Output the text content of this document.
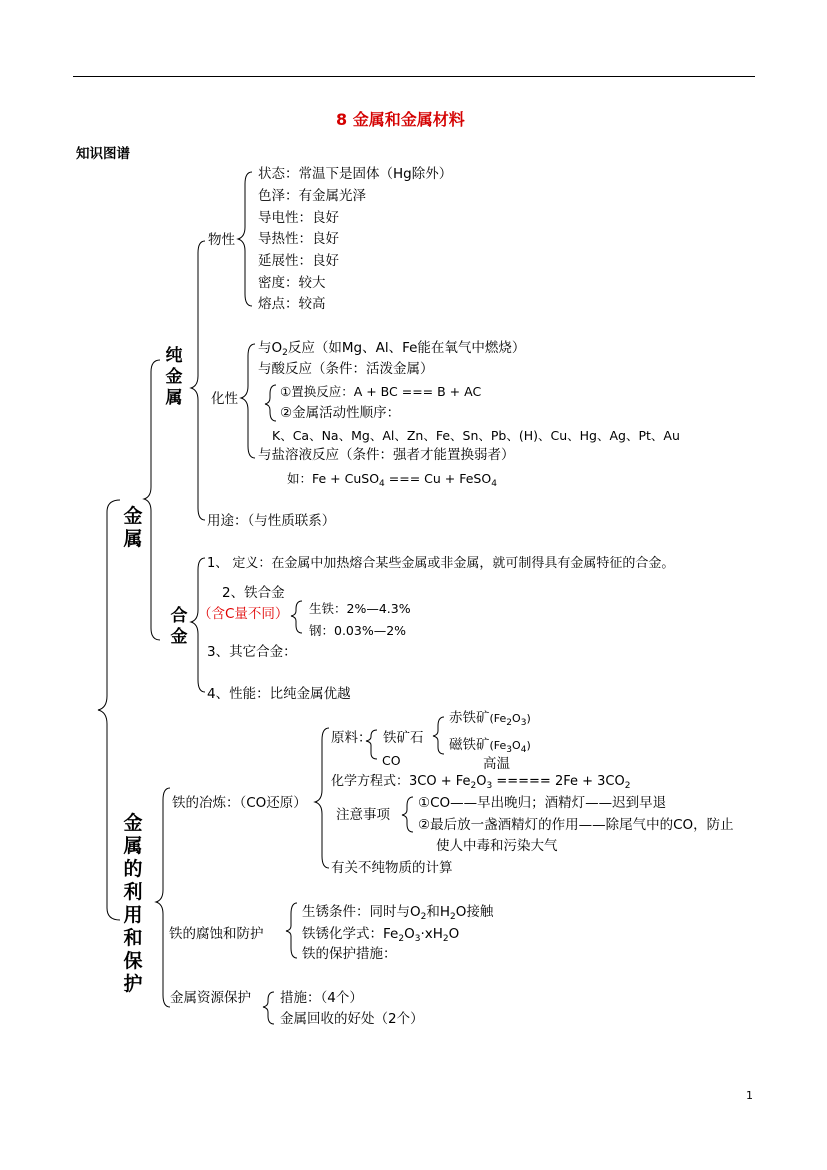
8 金属和金属材料
知识图谱
金属
金属的利用和保护
纯金属
物性
状态：常温下是固体（Hg除外）
色泽：有金属光泽
导电性：良好
导热性：良好
延展性：良好
密度：较大
熔点：较高
化性
与$O_2$反应（如Mg、Al、Fe能在氧气中燃烧）
与酸反应（条件：活泼金属）
①置换反应：A + BC === B + AC
②金属活动性顺序：
K、Ca、Na、Mg、Al、Zn、Fe、Sn、Pb、(H)、Cu、Hg、Ag、Pt、Au
与盐溶液反应（条件：强者才能置换弱者）
如：Fe + CuSO$_4$ === Cu + FeSO$_4$
用途：（与性质联系）
合金
1、 定义：在金属中加热熔合某些金属或非金属，就可制得具有金属特征的合金。
2、铁合金
（含C量不同） 生铁：2%—4.3%
钢：0.03%—2%
3、其它合金：
4、性能：比纯金属优越
铁的冶炼：（CO还原）
原料： 铁矿石
赤铁矿$(Fe_2O_3)$
磁铁矿$(Fe_3O_4)$
CO	高温
化学方程式：$3CO + Fe_2O_3$ ===== $2Fe + 3CO_2$
注意事项
①CO——早出晚归；酒精灯——迟到早退
②最后放一盏酒精灯的作用——除尾气中的CO，防止
使人中毒和污染大气
有关不纯物质的计算
铁的腐蚀和防护
生锈条件：同时与$O_2$和$H_2O$接触
铁锈化学式：$Fe_2O_3\cdot xH_2O$
铁的保护措施：
金属资源保护 措施：（4个）
金属回收的好处（2个）
1
